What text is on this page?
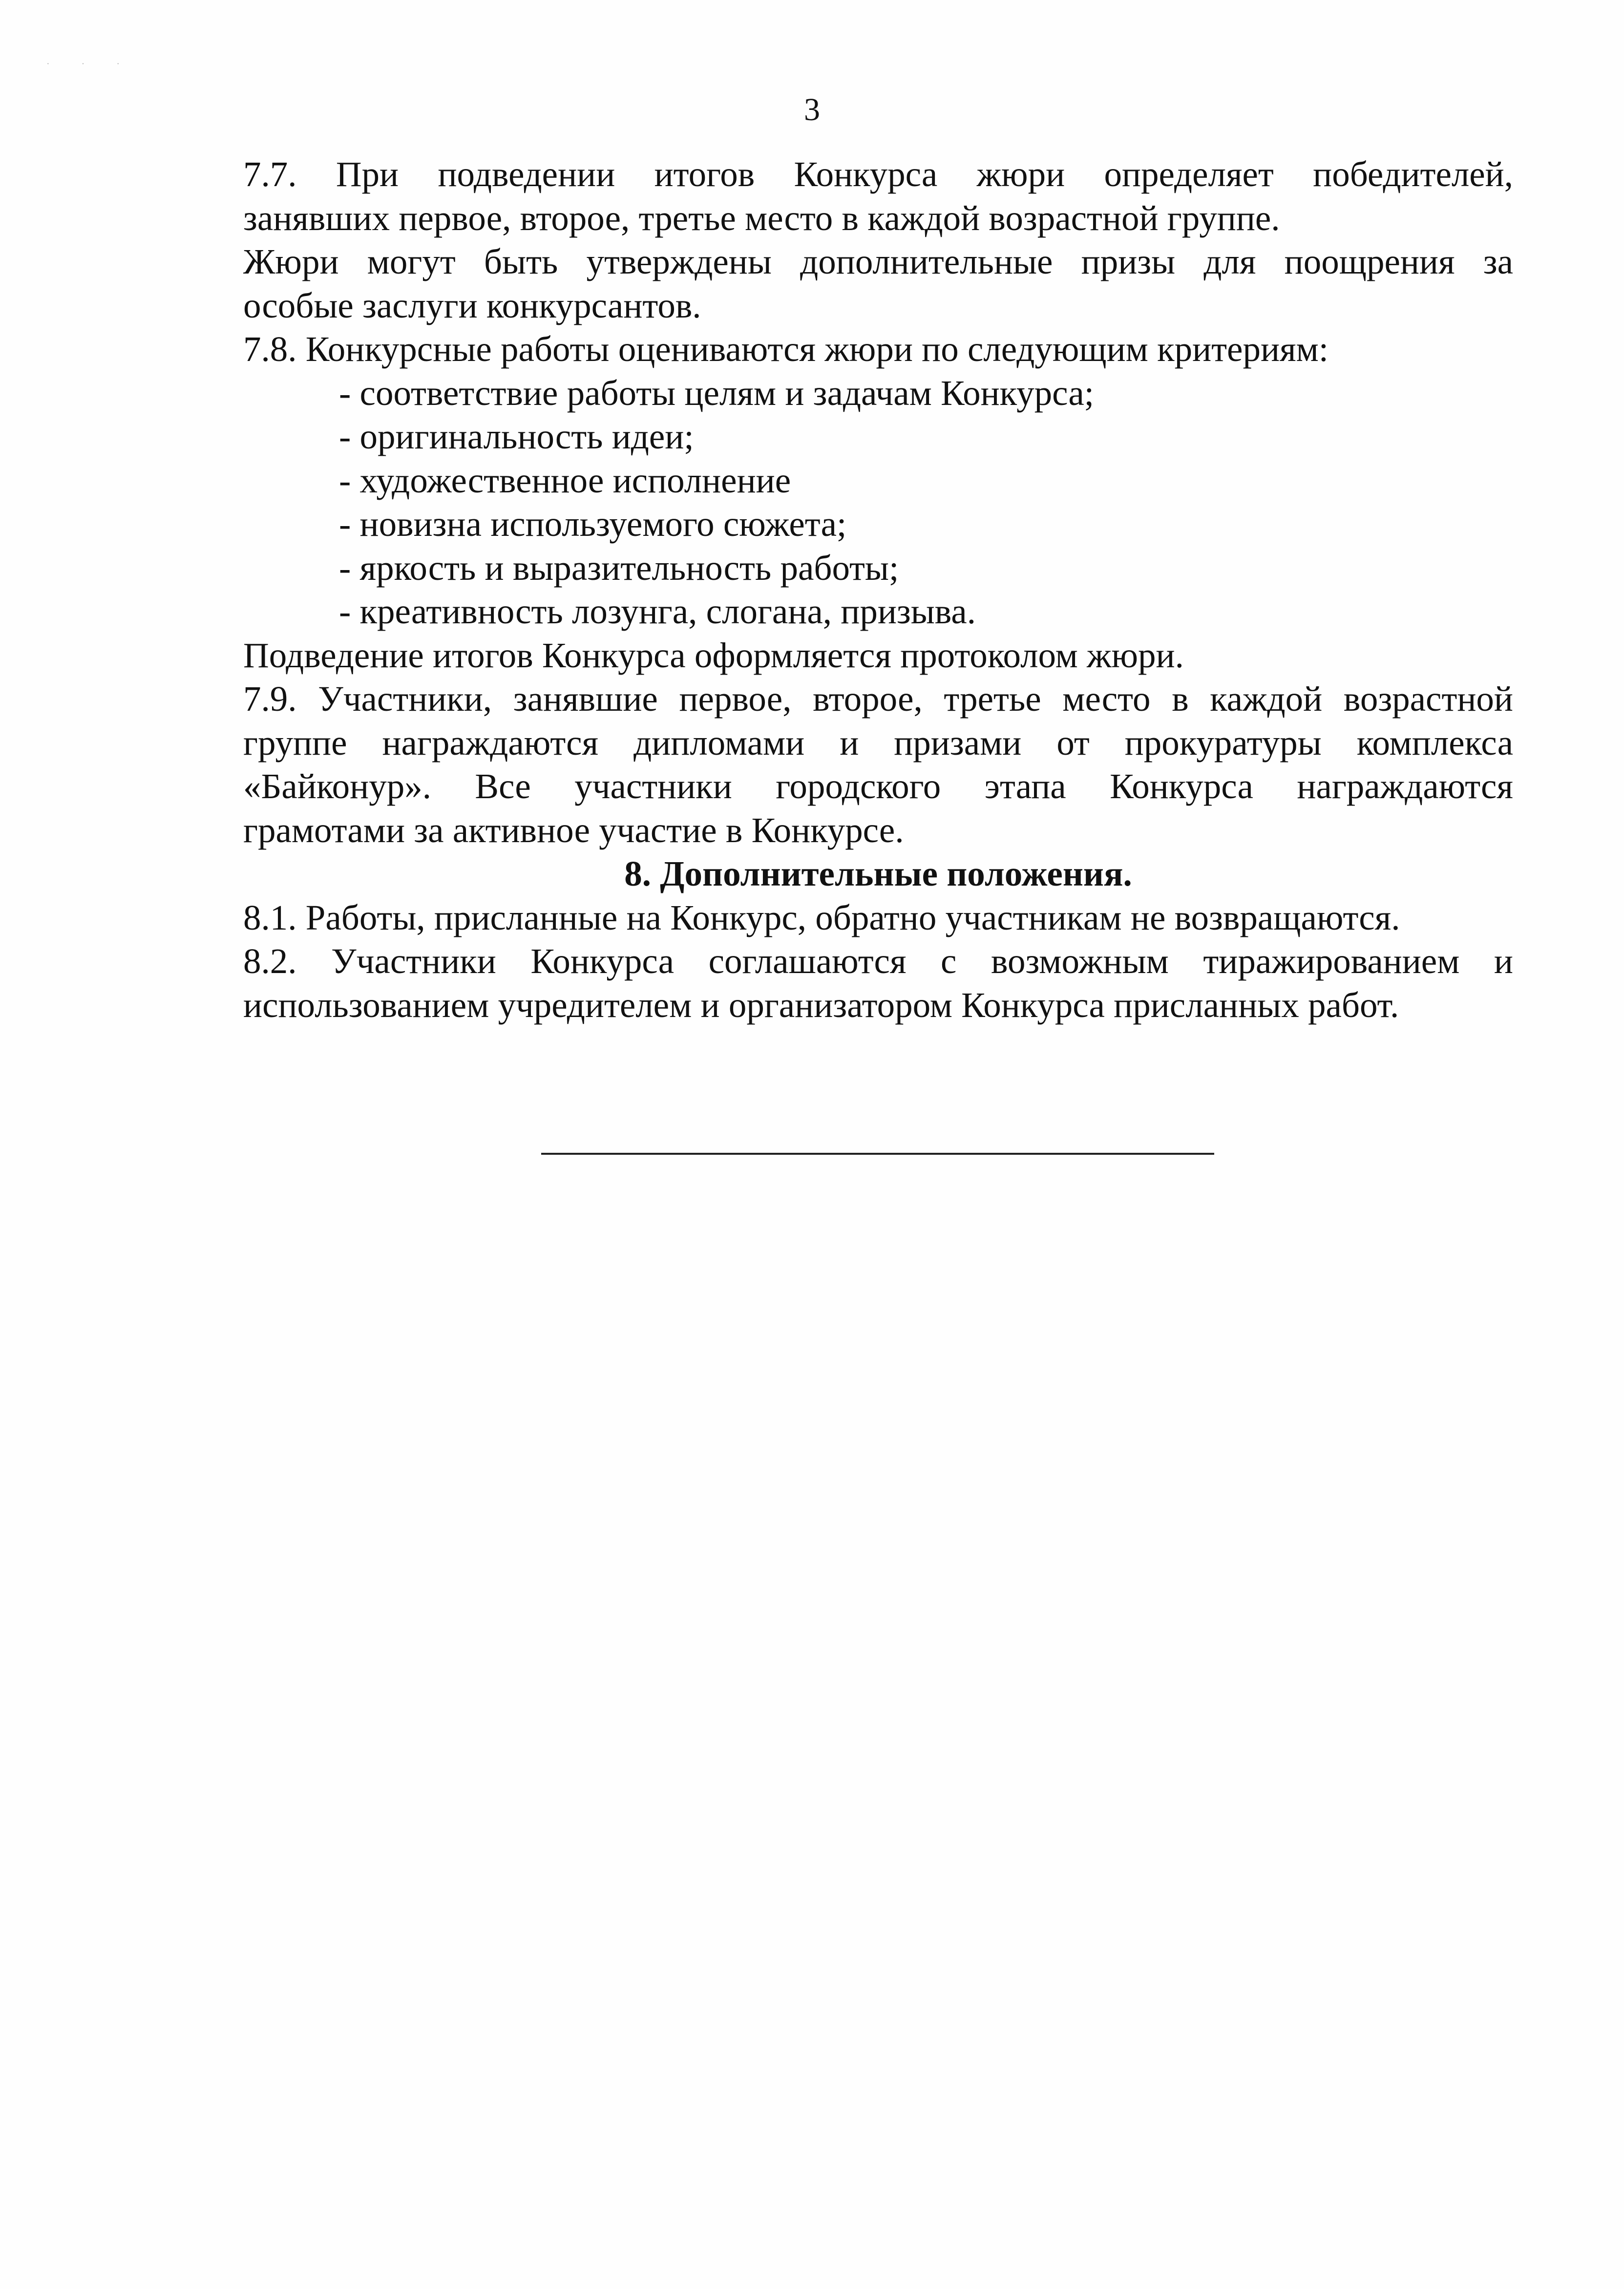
· · ·
3
7.7. При подведении итогов Конкурса жюри определяет победителей,
занявших первое, второе, третье место в каждой возрастной группе.
Жюри могут быть утверждены дополнительные призы для поощрения за
особые заслуги конкурсантов.
7.8. Конкурсные работы оцениваются жюри по следующим критериям:
- соответствие работы целям и задачам Конкурса;
- оригинальность идеи;
- художественное исполнение
- новизна используемого сюжета;
- яркость и выразительность работы;
- креативность лозунга, слогана, призыва.
Подведение итогов Конкурса оформляется протоколом жюри.
7.9. Участники, занявшие первое, второе, третье место в каждой возрастной
группе награждаются дипломами и призами от прокуратуры комплекса
«Байконур». Все участники городского этапа Конкурса награждаются
грамотами за активное участие в Конкурсе.
8. Дополнительные положения.
8.1. Работы, присланные на Конкурс, обратно участникам не возвращаются.
8.2. Участники Конкурса соглашаются с возможным тиражированием и
использованием учредителем и организатором Конкурса присланных работ.
